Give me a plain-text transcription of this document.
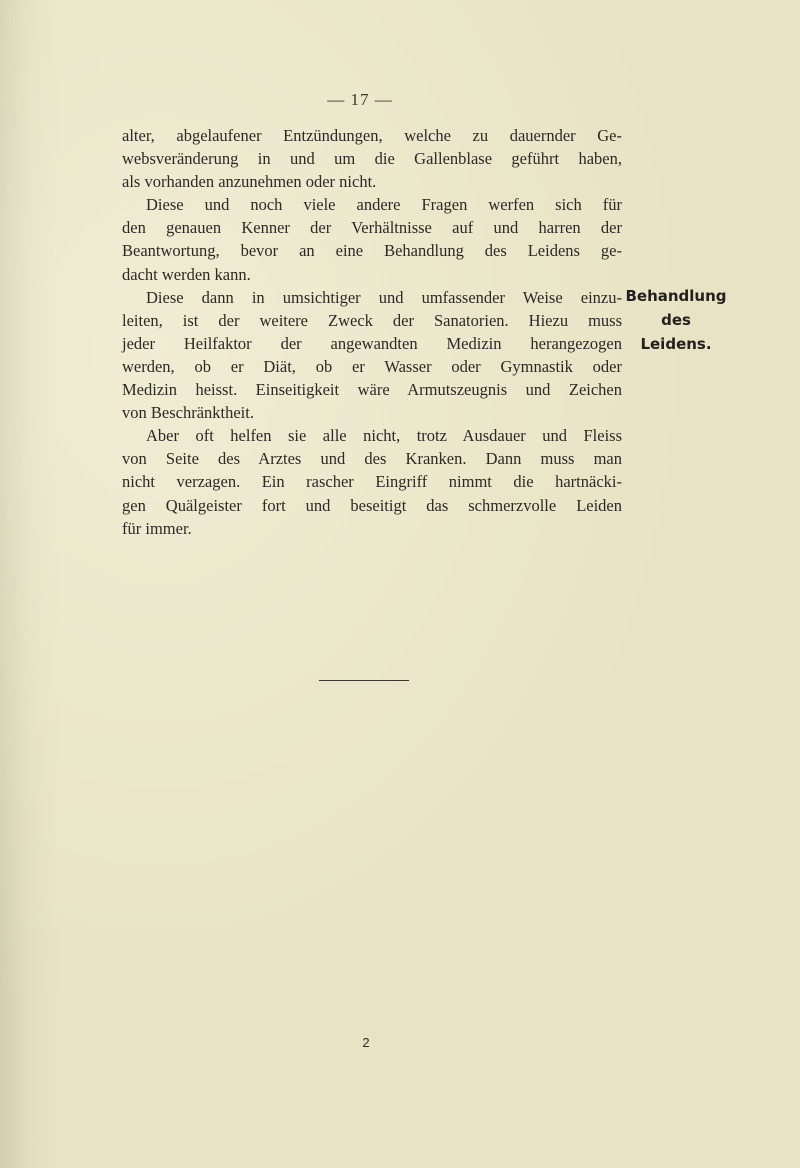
— 17 —
alter, abgelaufener Entzündungen, welche zu dauernder Ge-
websveränderung in und um die Gallenblase geführt haben,
als vorhanden anzunehmen oder nicht.
Diese und noch viele andere Fragen werfen sich für
den genauen Kenner der Verhältnisse auf und harren der
Beantwortung, bevor an eine Behandlung des Leidens ge-
dacht werden kann.
Diese dann in umsichtiger und umfassender Weise einzu-
leiten, ist der weitere Zweck der Sanatorien. Hiezu muss
jeder Heilfaktor der angewandten Medizin herangezogen
werden, ob er Diät, ob er Wasser oder Gymnastik oder
Medizin heisst. Einseitigkeit wäre Armutszeugnis und Zeichen
von Beschränktheit.
Aber oft helfen sie alle nicht, trotz Ausdauer und Fleiss
von Seite des Arztes und des Kranken. Dann muss man
nicht verzagen. Ein rascher Eingriff nimmt die hartnäcki-
gen Quälgeister fort und beseitigt das schmerzvolle Leiden
für immer.
Behandlung
des
Leidens.
2
